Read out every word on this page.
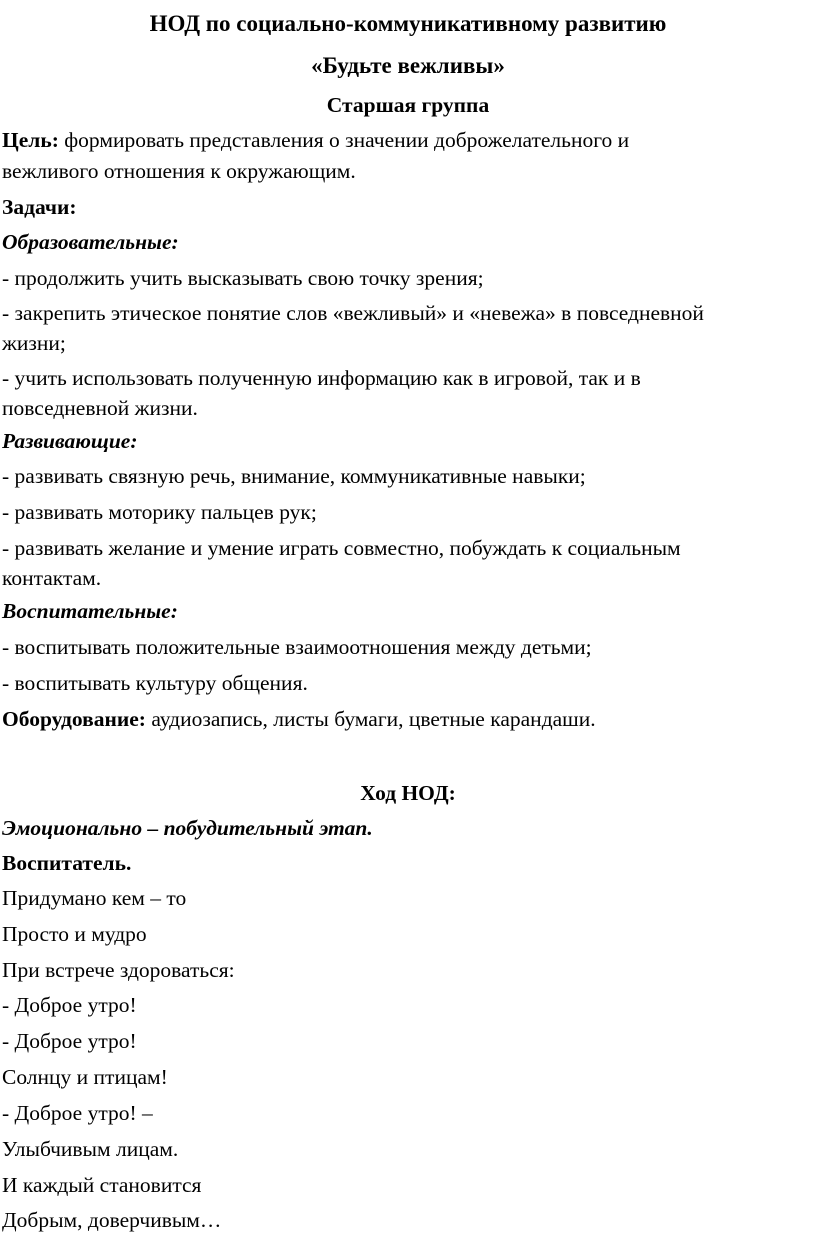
НОД по социально-коммуникативному развитию

«Будьте вежливы»

Старшая группа

Цель: формировать представления о значении доброжелательного и

вежливого отношения к окружающим.

Задачи:

Образовательные:

- продолжить учить высказывать свою точку зрения;

- закрепить этическое понятие слов «вежливый» и «невежа» в повседневной

жизни;

- учить использовать полученную информацию как в игровой, так и в

повседневной жизни.

Развивающие:

- развивать связную речь, внимание, коммуникативные навыки;

- развивать моторику пальцев рук;

- развивать желание и умение играть совместно, побуждать к социальным

контактам.

Воспитательные:

- воспитывать положительные взаимоотношения между детьми;

- воспитывать культуру общения.

Оборудование: аудиозапись, листы бумаги, цветные карандаши.

Ход НОД:

Эмоционально – побудительный этап.

Воспитатель.

Придумано кем – то

Просто и мудро

При встрече здороваться:

- Доброе утро!

- Доброе утро!

Солнцу и птицам!

- Доброе утро! –

Улыбчивым лицам.

И каждый становится

Добрым, доверчивым…
